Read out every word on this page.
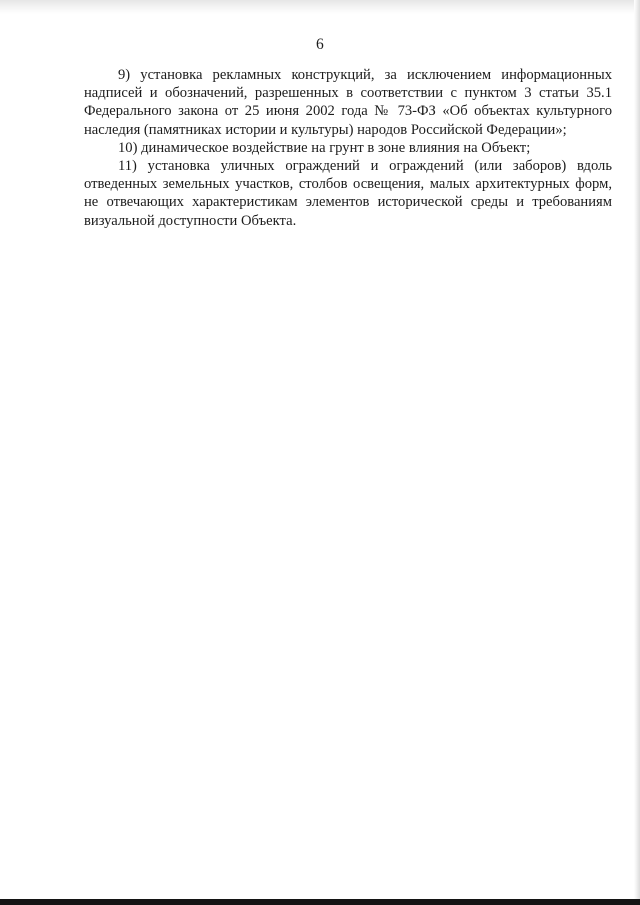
6

9) установка рекламных конструкций, за исключением информационных надписей и обозначений, разрешенных в соответствии с пунктом 3 статьи 35.1 Федерального закона от 25 июня 2002 года № 73-ФЗ «Об объектах культурного наследия (памятниках истории и культуры) народов Российской Федерации»;

10) динамическое воздействие на грунт в зоне влияния на Объект;

11) установка уличных ограждений и ограждений (или заборов) вдоль отведенных земельных участков, столбов освещения, малых архитектурных форм, не отвечающих характеристикам элементов исторической среды и требованиям визуальной доступности Объекта.
